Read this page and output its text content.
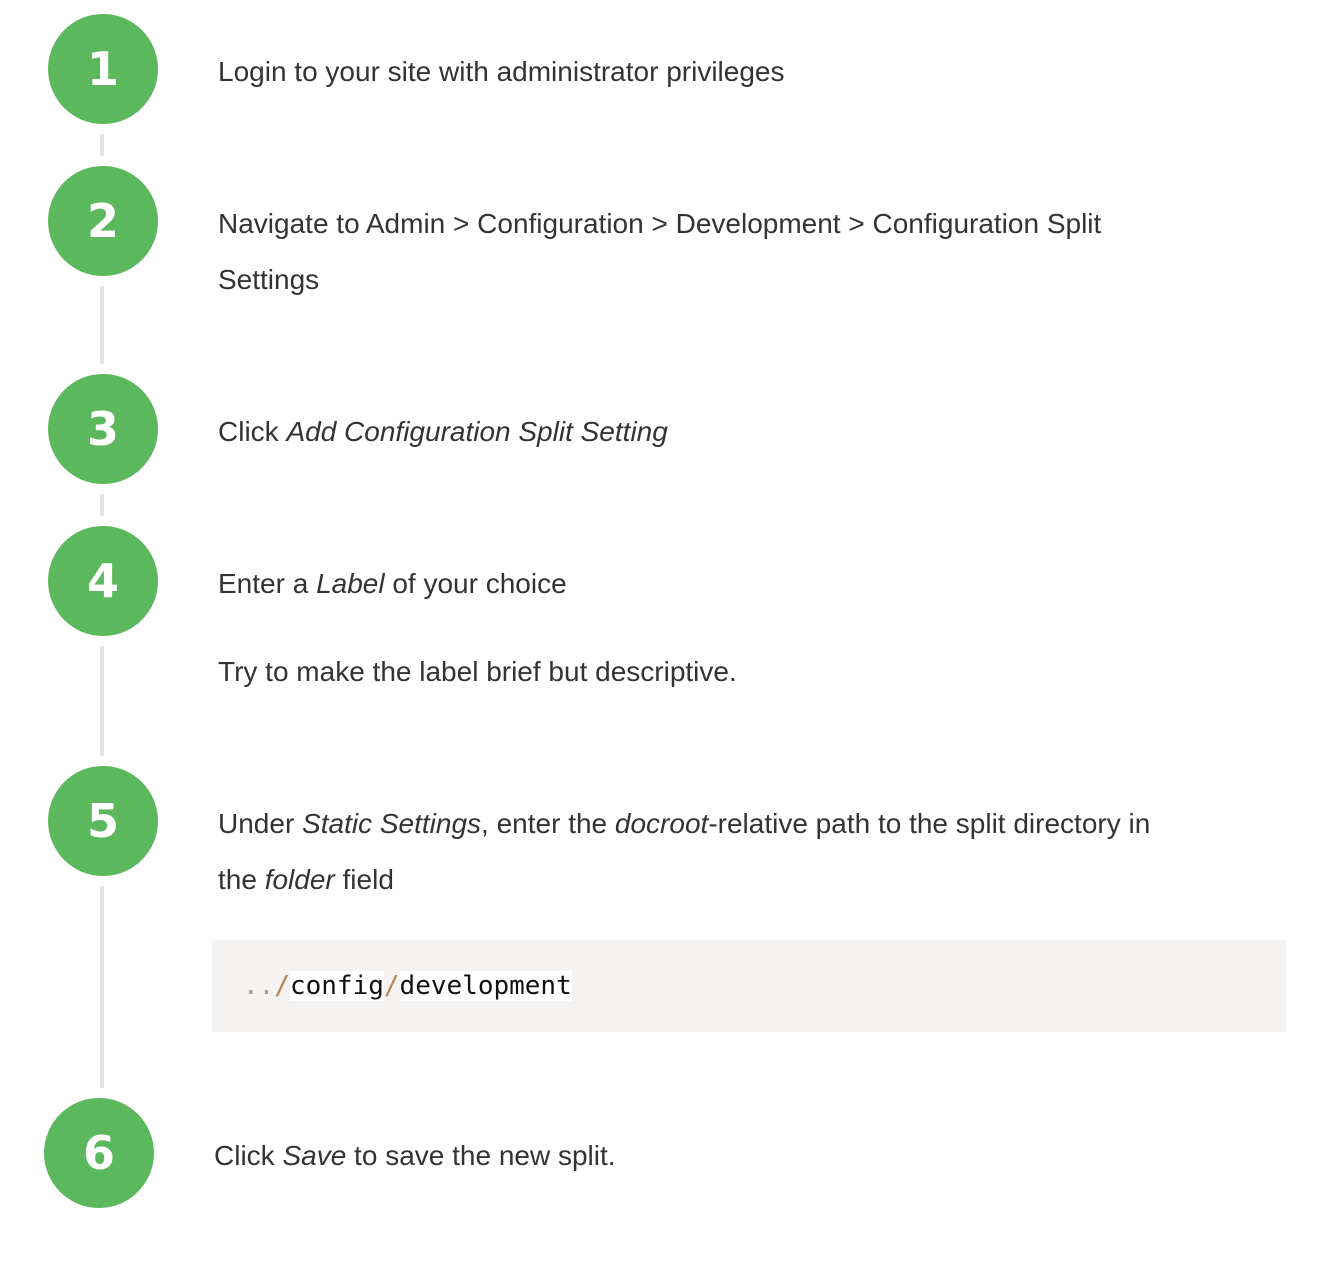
1	Login to your site with administrator privileges
2	Navigate to Admin > Configuration > Development > Configuration Split
Settings
3	Click Add Configuration Split Setting
4	Enter a Label of your choice
Try to make the label brief but descriptive.
5	Under Static Settings, enter the docroot-relative path to the split directory in
the folder field
../config/development
6	Click Save to save the new split.
